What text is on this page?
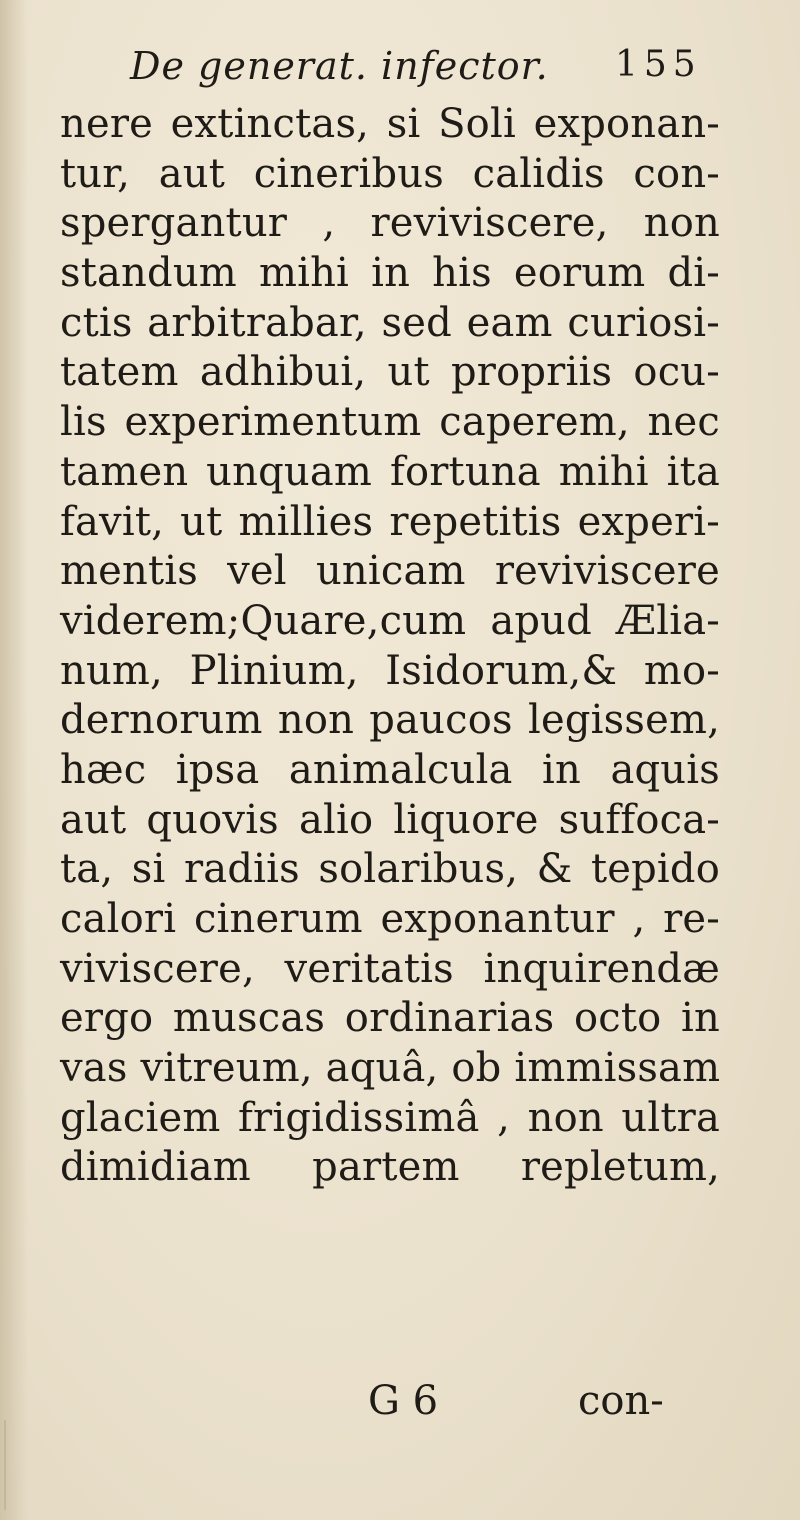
De generat. infector. 155
nere extinctas, si Soli exponan-
tur, aut cineribus calidis con-
spergantur , reviviscere, non
standum mihi in his eorum di-
ctis arbitrabar, sed eam curiosi-
tatem adhibui, ut propriis ocu-
lis experimentum caperem, nec
tamen unquam fortuna mihi ita
favit, ut millies repetitis experi-
mentis vel unicam reviviscere
viderem;Quare,cum apud Ælia-
num, Plinium, Isidorum,& mo-
dernorum non paucos legissem,
hæc ipsa animalcula in aquis
aut quovis alio liquore suffoca-
ta, si radiis solaribus, & tepido
calori cinerum exponantur , re-
viviscere, veritatis inquirendæ
ergo muscas ordinarias octo in
vas vitreum, aquâ, ob immissam
glaciem frigidissimâ , non ultra
dimidiam partem repletum,
G 6	con-
